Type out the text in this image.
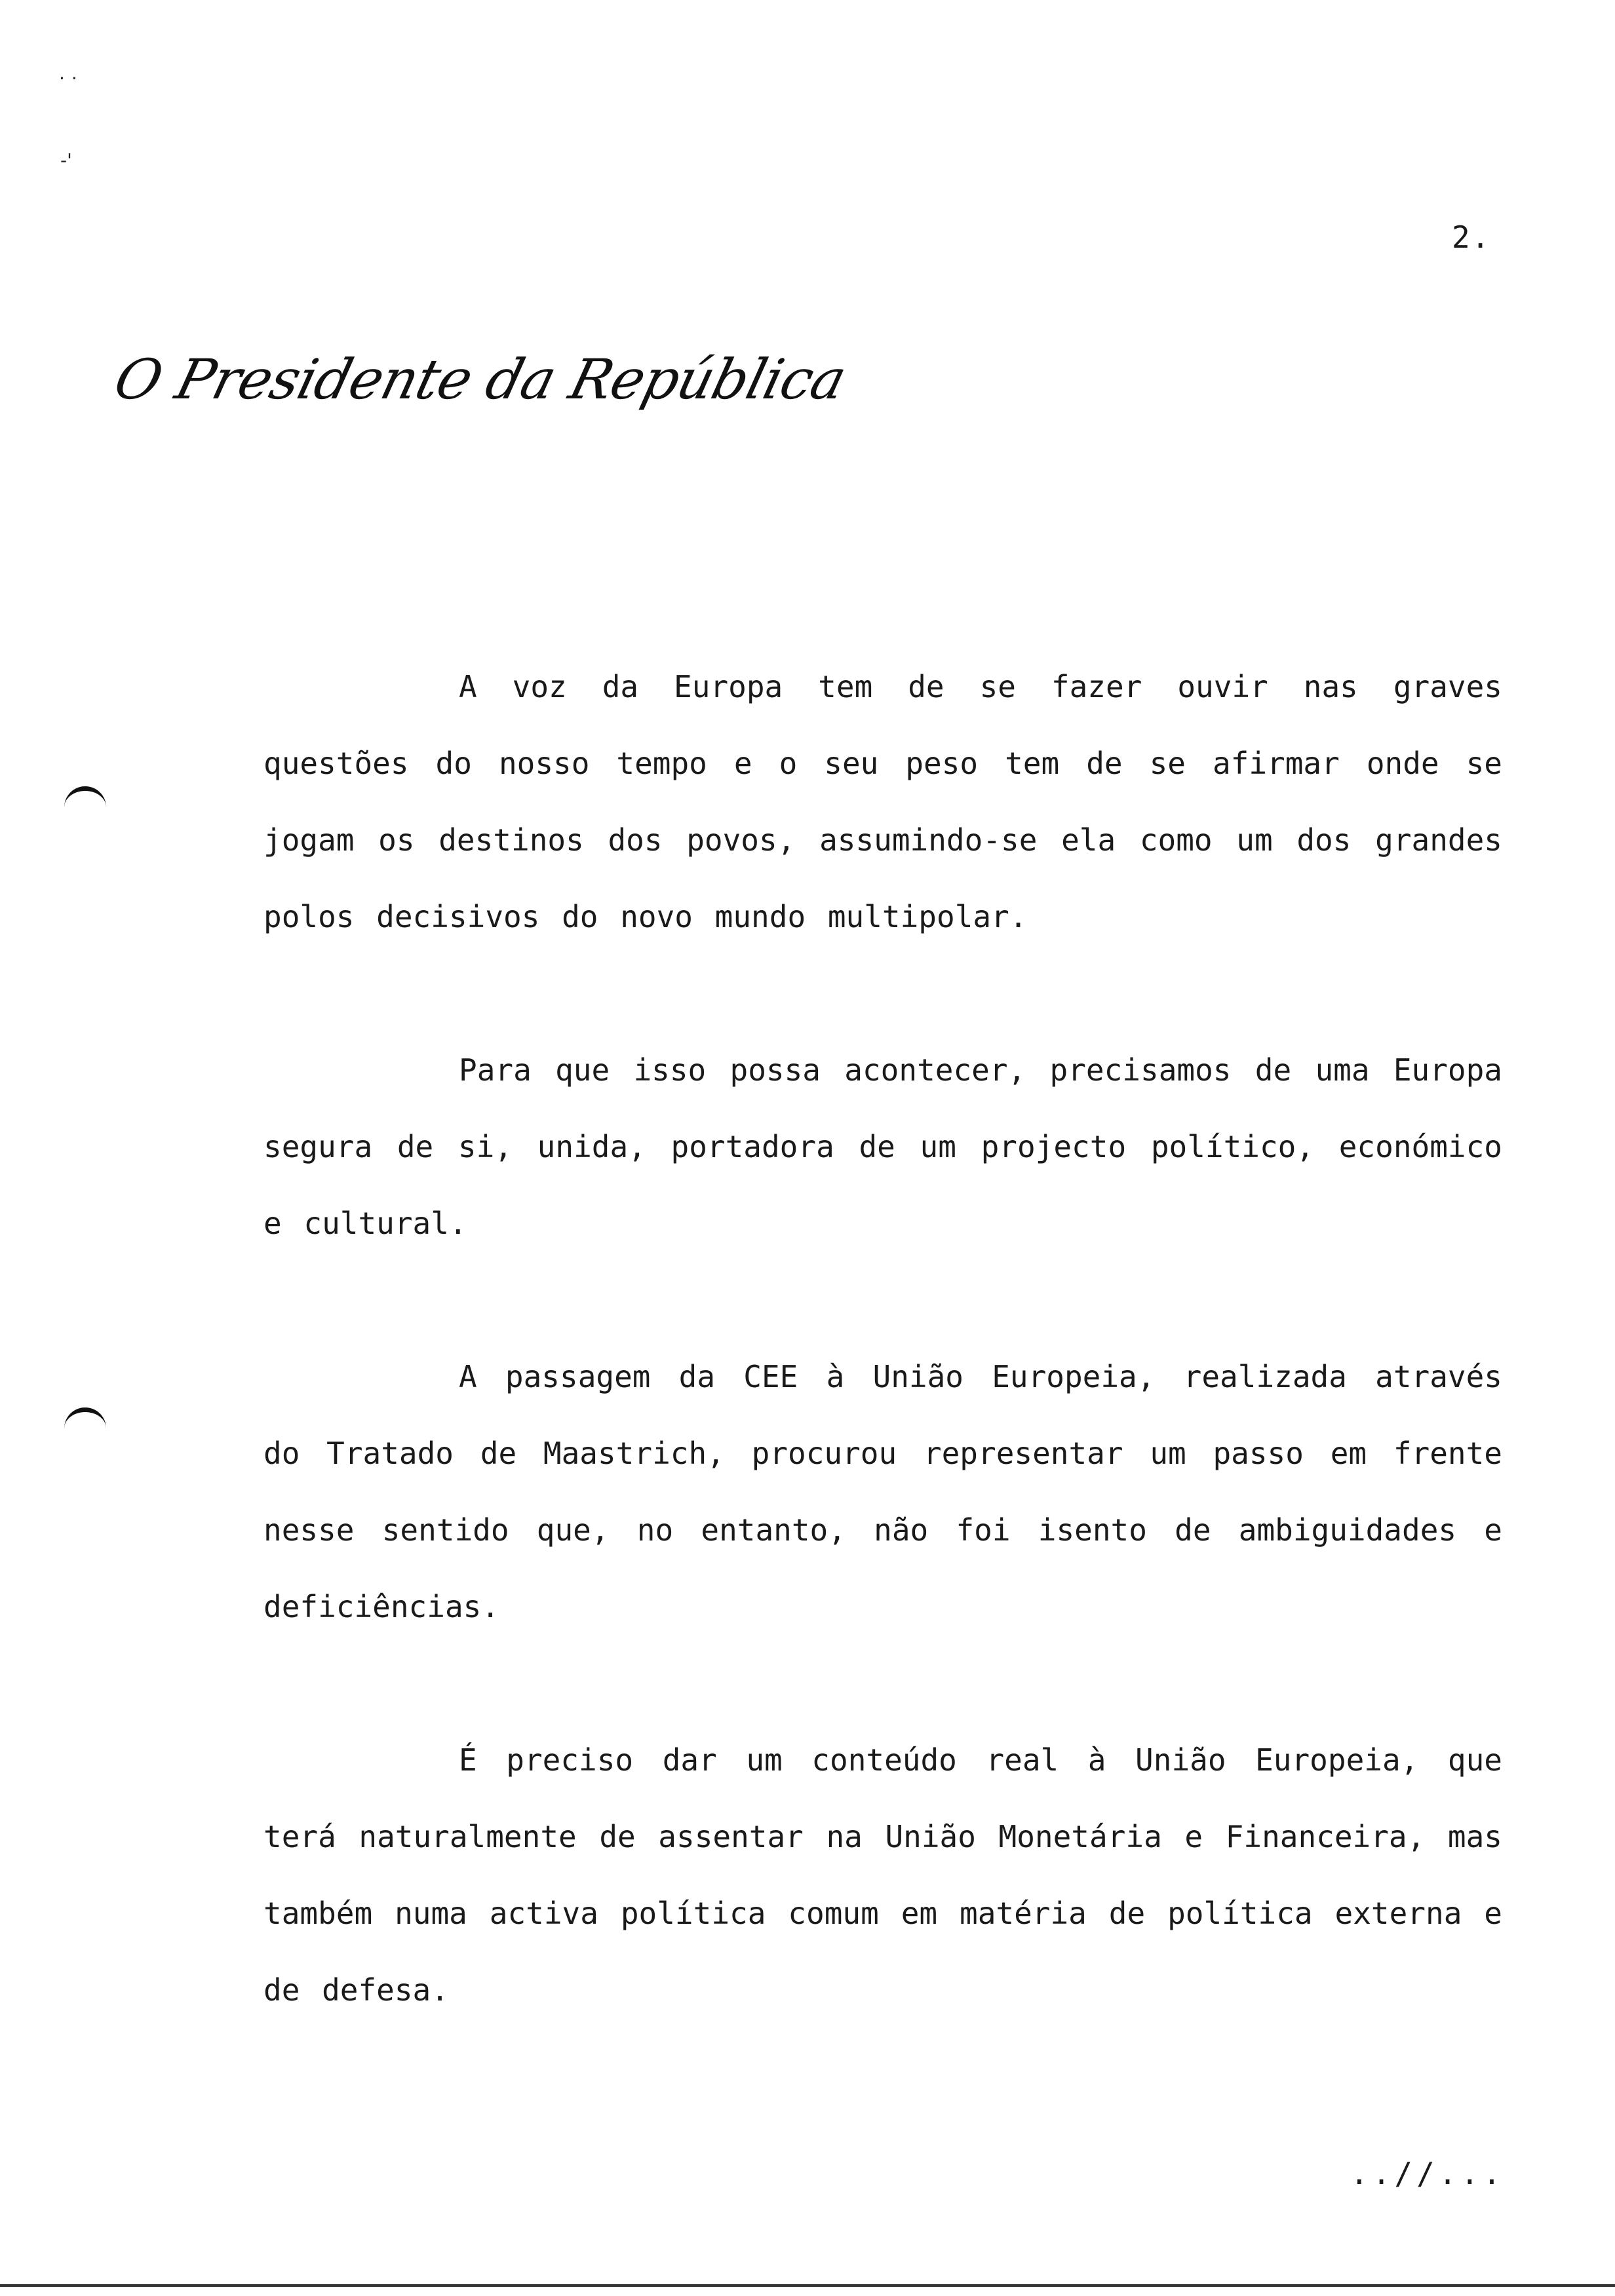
..
-'
2.
O Presidente da República

A voz da Europa tem de se fazer ouvir nas graves questões do nosso tempo e o seu peso tem de se afirmar onde se jogam os destinos dos povos, assumindo-se ela como um dos grandes polos decisivos do novo mundo multipolar.

Para que isso possa acontecer, precisamos de uma Europa segura de si, unida, portadora de um projecto político, económico e cultural.

A passagem da CEE à União Europeia, realizada através do Tratado de Maastrich, procurou representar um passo em frente nesse sentido que, no entanto, não foi isento de ambiguidades e deficiências.

É preciso dar um conteúdo real à União Europeia, que terá naturalmente de assentar na União Monetária e Financeira, mas também numa activa política comum em matéria de política externa e de defesa.

..//...
